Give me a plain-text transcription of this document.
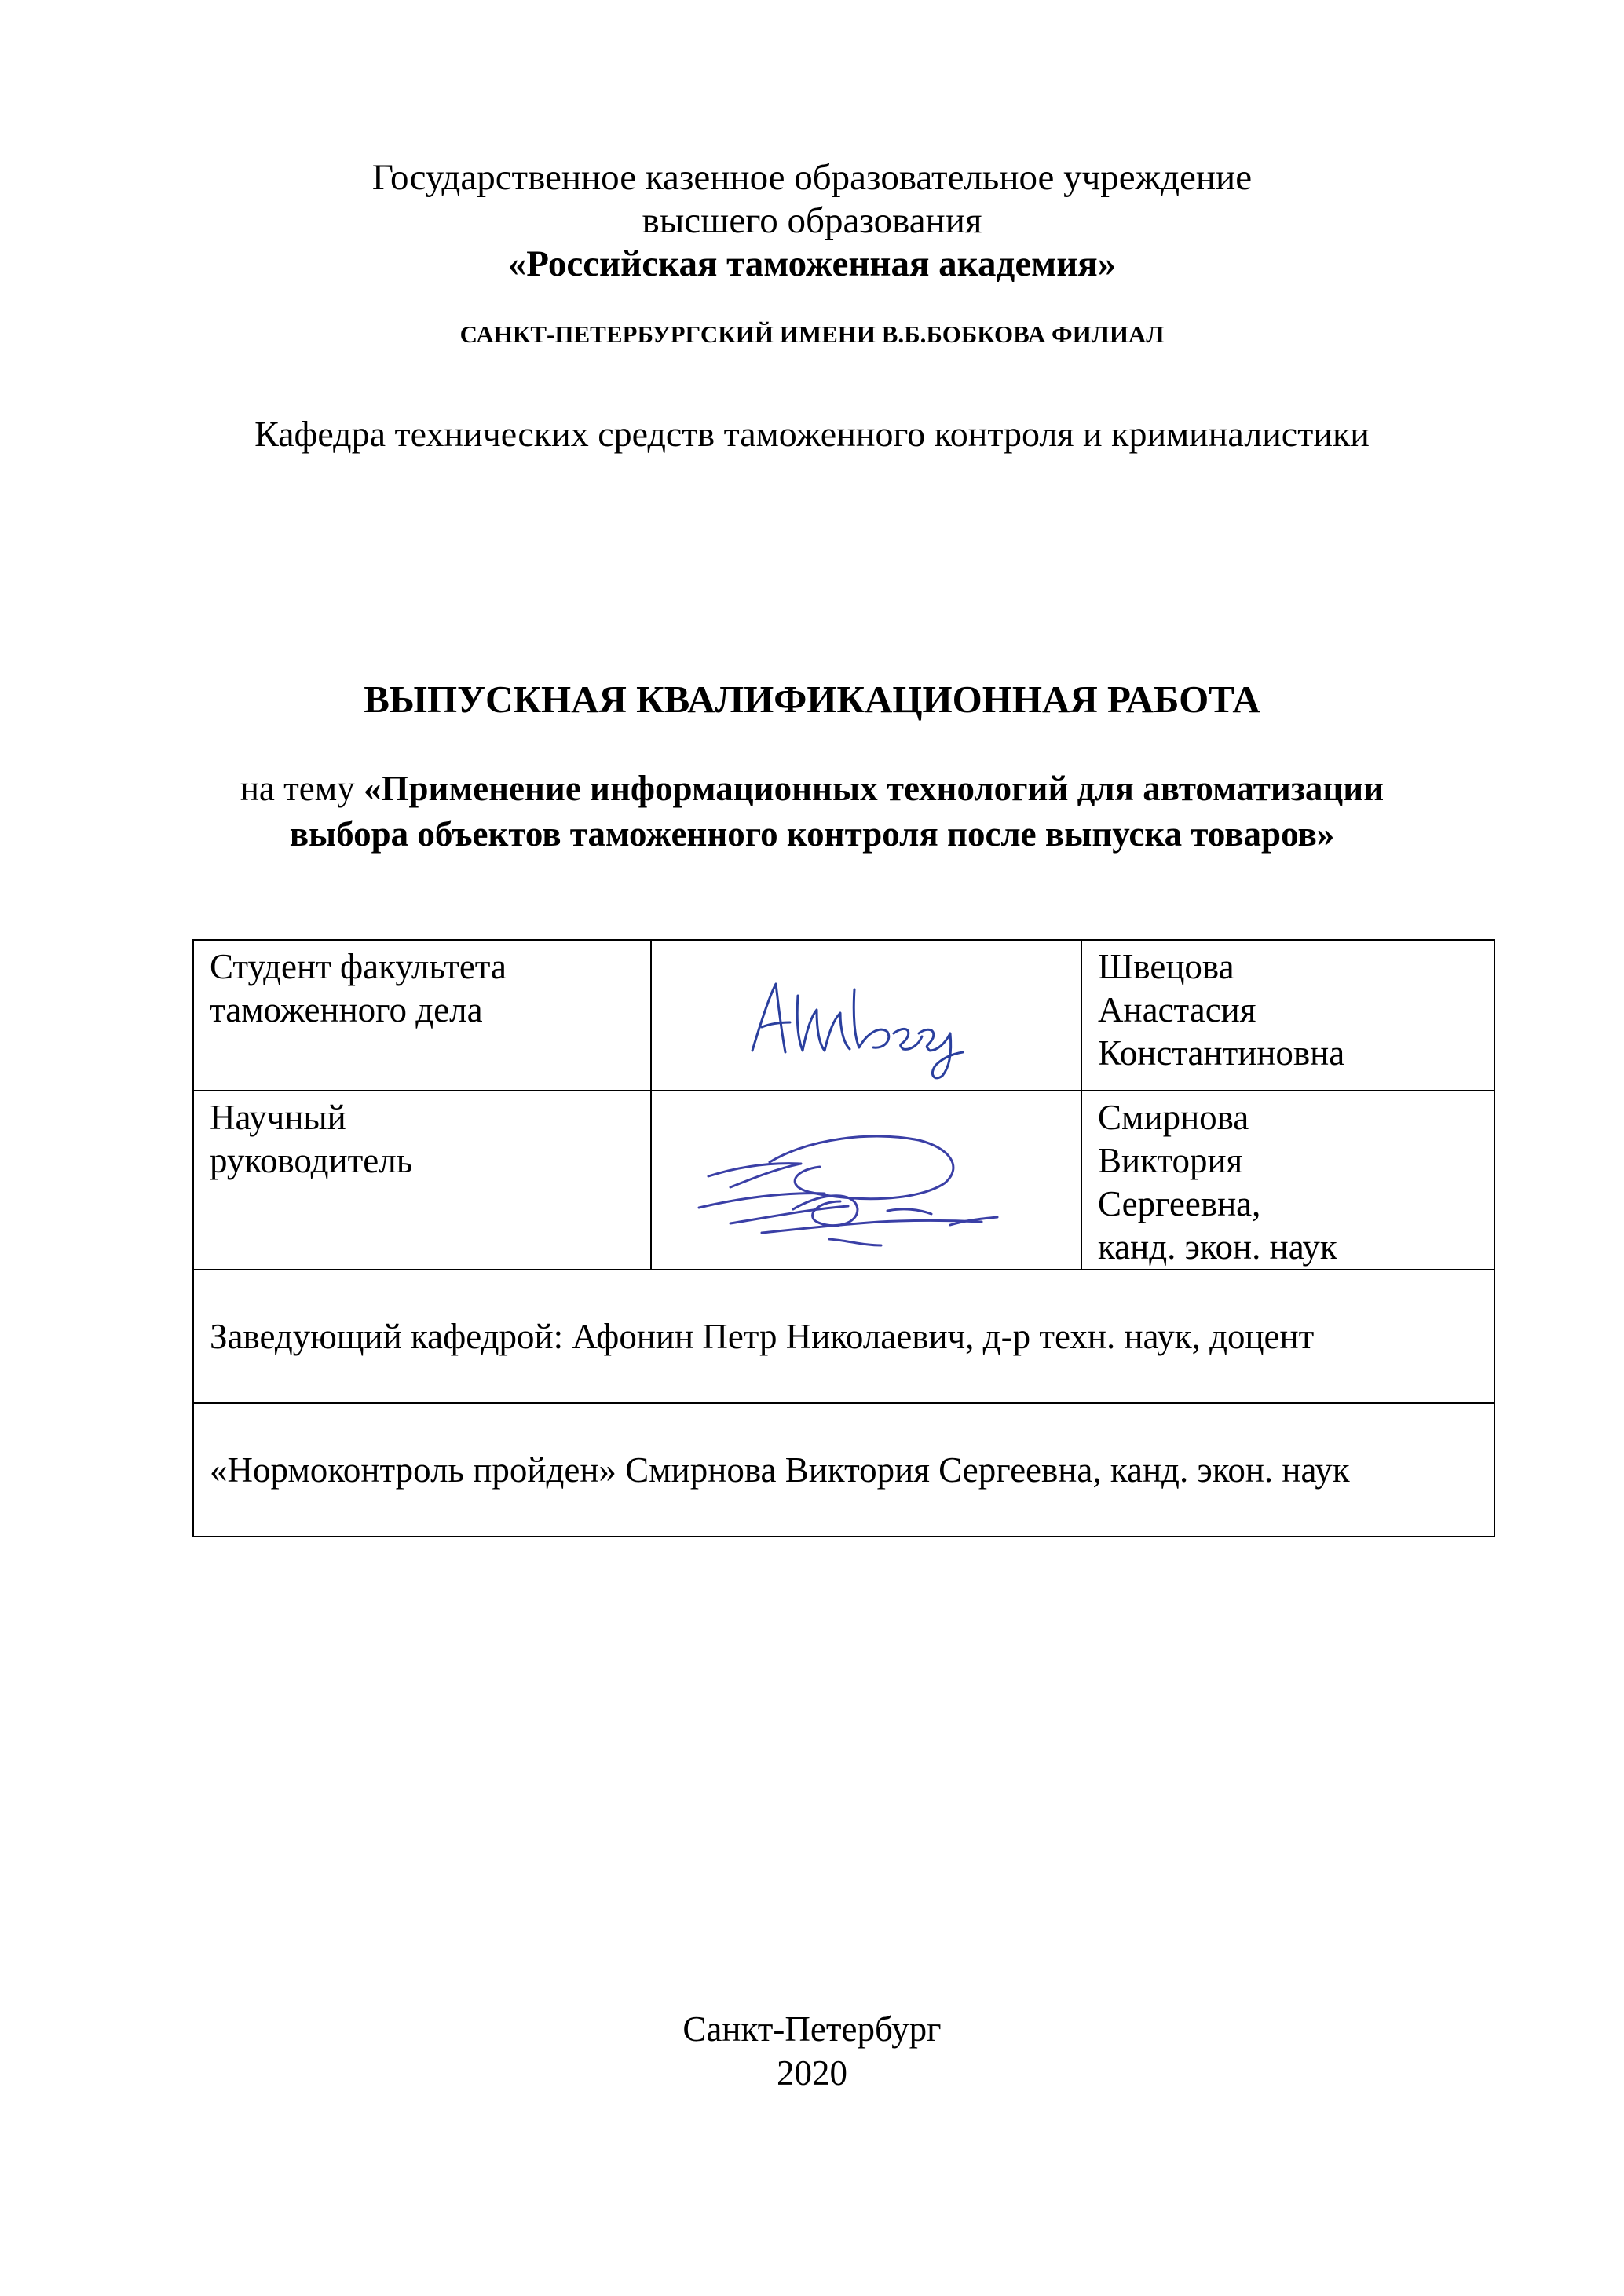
Государственное казенное образовательное учреждение
высшего образования
«Российская таможенная академия»
САНКТ-ПЕТЕРБУРГСКИЙ ИМЕНИ В.Б.БОБКОВА ФИЛИАЛ
Кафедра технических средств таможенного контроля и криминалистики
ВЫПУСКНАЯ КВАЛИФИКАЦИОННАЯ РАБОТА
на тему «Применение информационных технологий для автоматизации
выбора объектов таможенного контроля после выпуска товаров»
Студент факультета
таможенного дела		Швецова
Анастасия
Константиновна

Научный
руководитель		Смирнова
Виктория
Сергеевна,
канд. экон. наук

Заведующий кафедрой: Афонин Петр Николаевич, д-р техн. наук, доцент		

«Нормоконтроль пройден» Смирнова Виктория Сергеевна, канд. экон. наук		
Санкт-Петербург
2020
